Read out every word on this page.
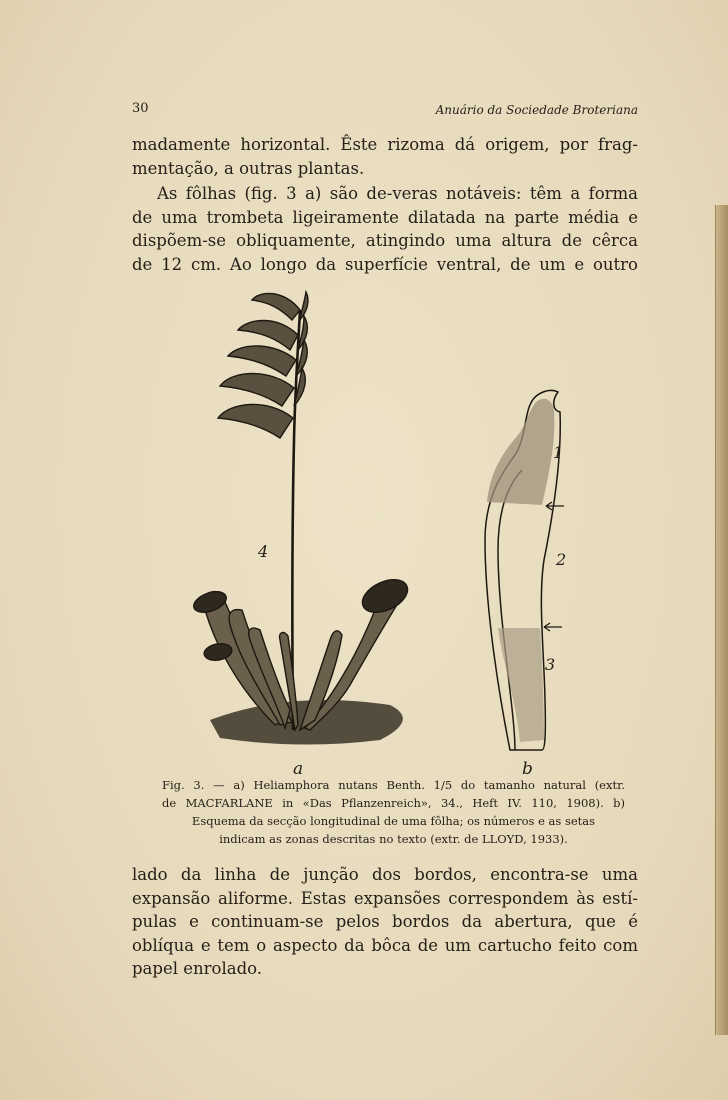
30	Anuário da Sociedade Broteriana

madamente horizontal. Êste rizoma dá origem, por frag-
mentação, a outras plantas.

As fôlhas (fig. 3 a) são de-veras notáveis: têm a forma
de uma trombeta ligeiramente dilatada na parte média e
dispõem-se obliquamente, atingindo uma altura de cêrca
de 12 cm. Ao longo da superfície ventral, de um e outro

4
1
2
3
a	b

Fig. 3. — a) Heliamphora nutans Benth. 1/5 do tamanho natural (extr.
de MACFARLANE in «Das Pflanzenreich», 34., Heft IV. 110, 1908). b)
Esquema da secção longitudinal de uma fôlha; os números e as setas
indicam as zonas descritas no texto (extr. de LLOYD, 1933).

lado da linha de junção dos bordos, encontra-se uma
expansão aliforme. Estas expansões correspondem às estí-
pulas e continuam-se pelos bordos da abertura, que é
oblíqua e tem o aspecto da bôca de um cartucho feito com
papel enrolado.
